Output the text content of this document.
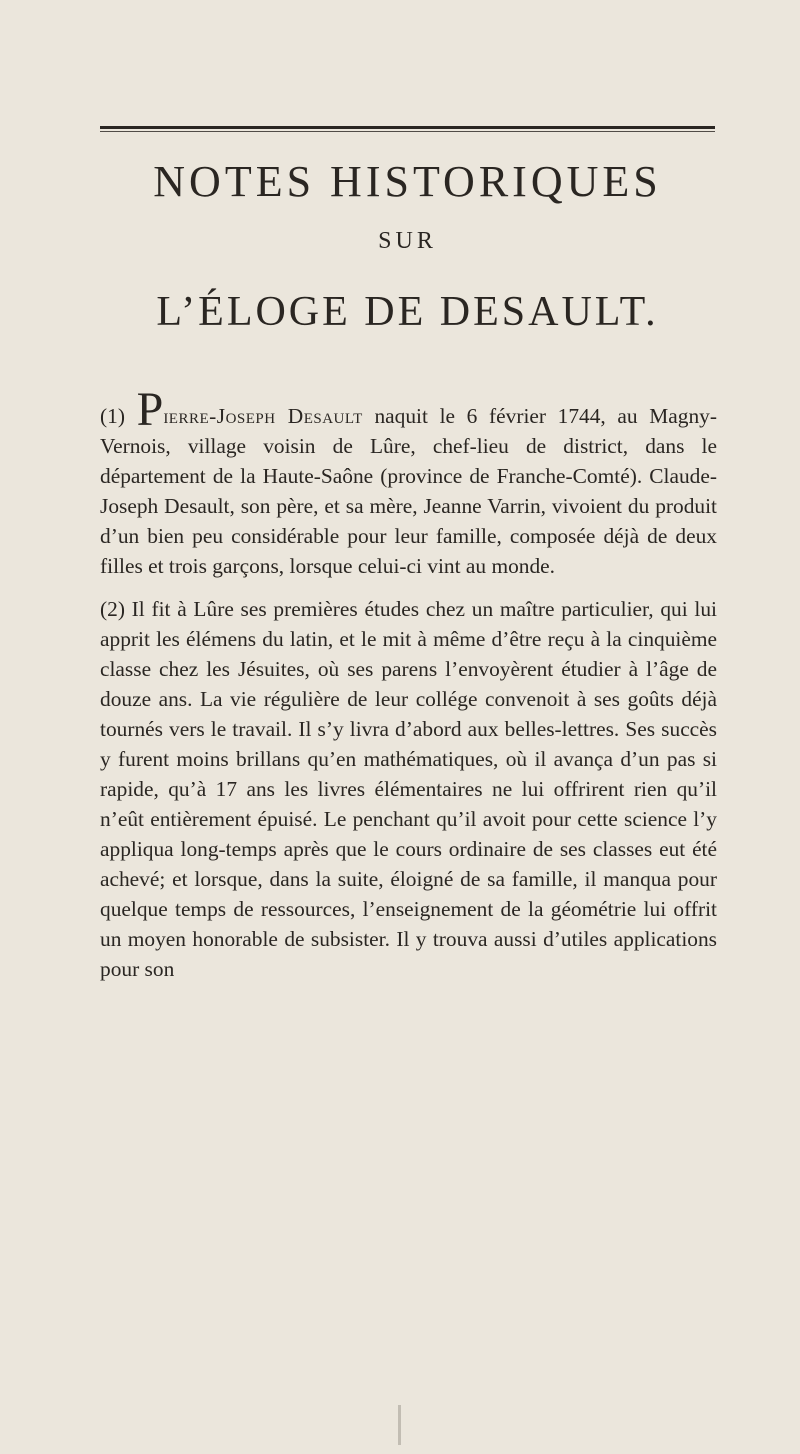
NOTES HISTORIQUES
SUR
L’ÉLOGE DE DESAULT.

(1) Pierre-Joseph Desault naquit le 6 février 1744, au Magny-Vernois, village voisin de Lûre, chef-lieu de district, dans le département de la Haute-Saône (province de Franche-Comté). Claude-Joseph Desault, son père, et sa mère, Jeanne Varrin, vivoient du produit d’un bien peu considérable pour leur famille, composée déjà de deux filles et trois garçons, lorsque celui-ci vint au monde.

(2) Il fit à Lûre ses premières études chez un maître particulier, qui lui apprit les élémens du latin, et le mit à même d’être reçu à la cinquième classe chez les Jésuites, où ses parens l’envoyèrent étudier à l’âge de douze ans. La vie régulière de leur collége convenoit à ses goûts déjà tournés vers le travail. Il s’y livra d’abord aux belles-lettres. Ses succès y furent moins brillans qu’en mathématiques, où il avança d’un pas si rapide, qu’à 17 ans les livres élémentaires ne lui offrirent rien qu’il n’eût entièrement épuisé. Le penchant qu’il avoit pour cette science l’y appliqua long-temps après que le cours ordinaire de ses classes eut été achevé; et lorsque, dans la suite, éloigné de sa famille, il manqua pour quelque temps de ressources, l’enseignement de la géométrie lui offrit un moyen honorable de subsister. Il y trouva aussi d’utiles applications pour son
